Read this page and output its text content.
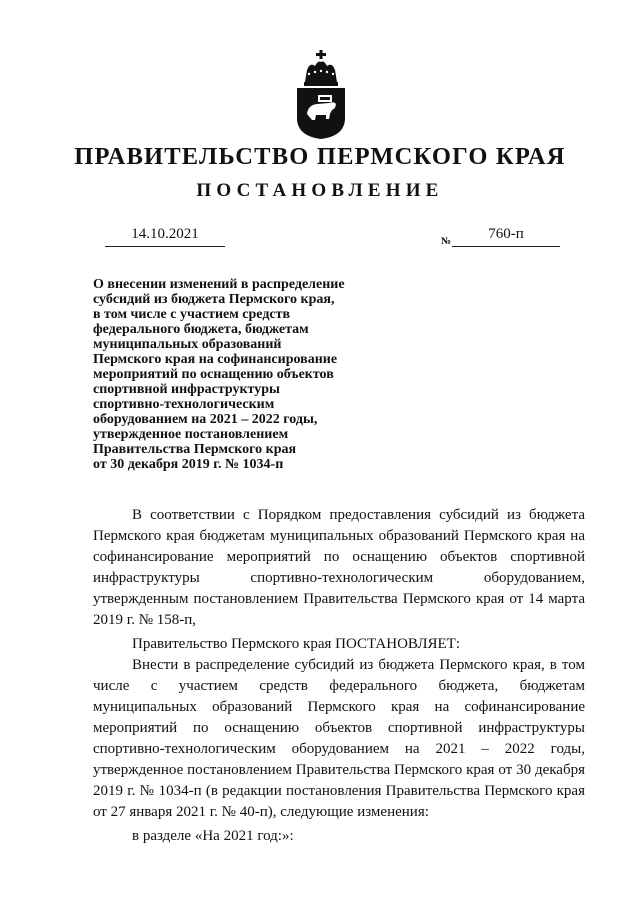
ПРАВИТЕЛЬСТВО ПЕРМСКОГО КРАЯ
ПОСТАНОВЛЕНИЕ
14.10.2021	№	760-п
О внесении изменений в распределение
субсидий из бюджета Пермского края,
в том числе с участием средств
федерального бюджета, бюджетам
муниципальных образований
Пермского края на софинансирование
мероприятий по оснащению объектов
спортивной инфраструктуры
спортивно-технологическим
оборудованием на 2021 – 2022 годы,
утвержденное постановлением
Правительства Пермского края
от 30 декабря 2019 г. № 1034-п

В соответствии с Порядком предоставления субсидий из бюджета Пермского края бюджетам муниципальных образований Пермского края на софинансирование мероприятий по оснащению объектов спортивной инфраструктуры спортивно-технологическим оборудованием, утвержденным постановлением Правительства Пермского края от 14 марта 2019 г. № 158-п,

Правительство Пермского края ПОСТАНОВЛЯЕТ:

Внести в распределение субсидий из бюджета Пермского края, в том числе с участием средств федерального бюджета, бюджетам муниципальных образований Пермского края на софинансирование мероприятий по оснащению объектов спортивной инфраструктуры спортивно-технологическим оборудованием на 2021 – 2022 годы, утвержденное постановлением Правительства Пермского края от 30 декабря 2019 г. № 1034-п (в редакции постановления Правительства Пермского края от 27 января 2021 г. № 40-п), следующие изменения:

в разделе «На 2021 год:»:
